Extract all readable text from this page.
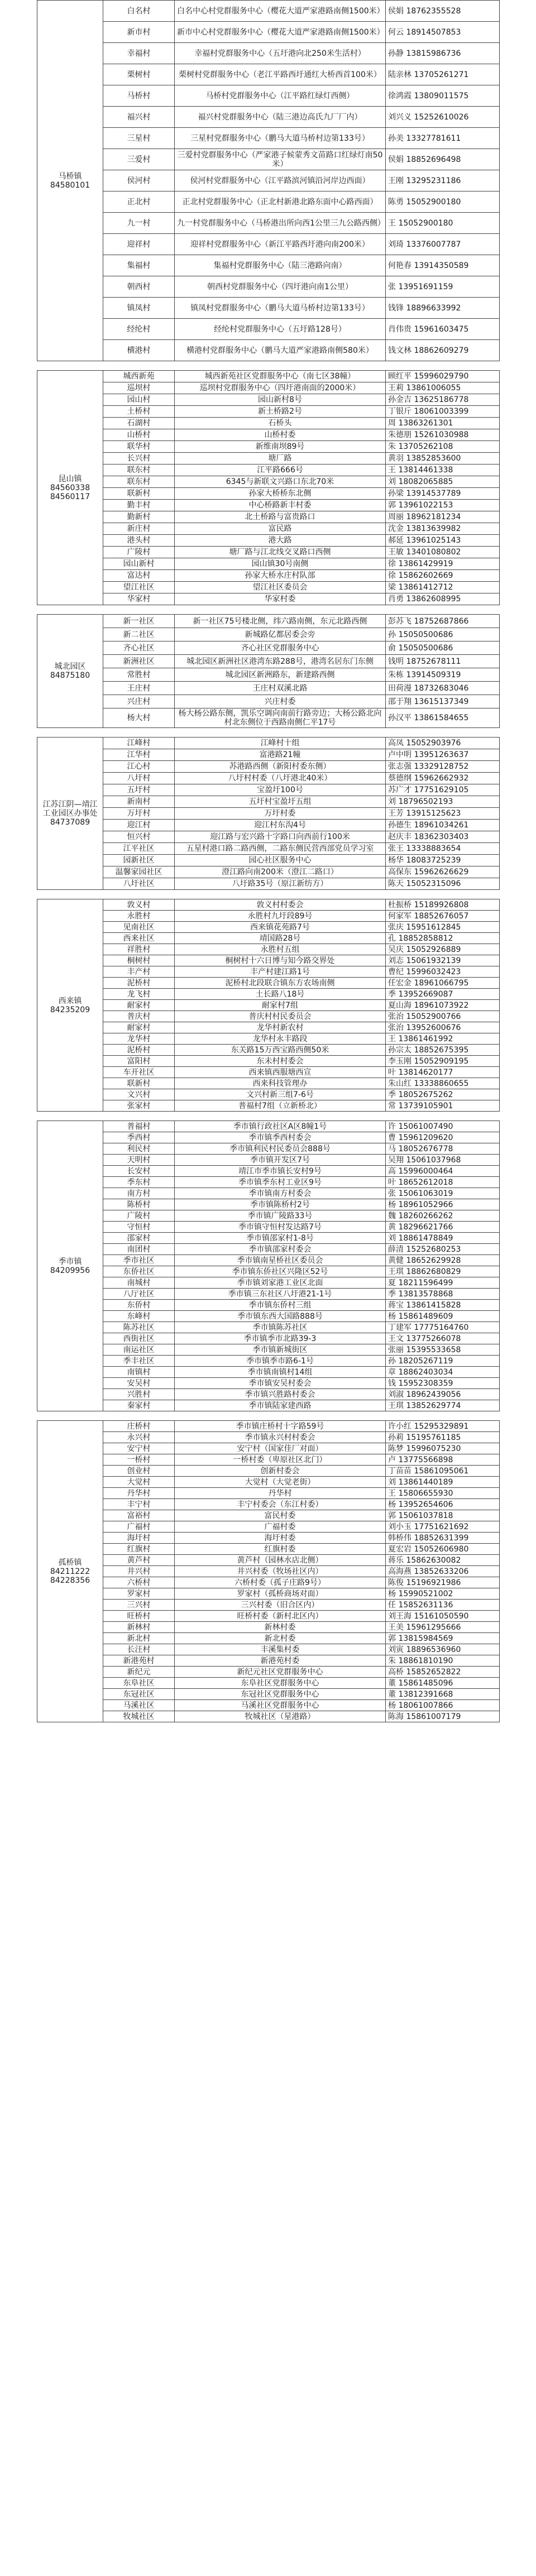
马桥镇
84580101	白名村	白名中心村党群服务中心（樱花大道严家港路南侧1500米）	侯娟 18762355528
	新市村	新市中心村党群服务中心（樱花大道严家港路南侧1500米）	何云 18914507853
	幸福村	幸福村党群服务中心（五圩港向北250米生活村）	孙静 13815986736
	栗树村	栗树村党群服务中心（老江平路西圩通红大桥西首100米）	陆亲林 13705261271
	马桥村	马桥村党群服务中心（江平路红绿灯西侧）	徐鸿霞 13809011575
	福兴村	福兴村党群服务中心（陆三港边高氏九厂厂内）	刘兴义 15252610026
	三星村	三星村党群服务中心（鹏马大道马桥村边第133号）	孙美 13327781611
	三爱村	三爱村党群服务中心（严家港子候蒙秀文苗路口红绿灯南50米）	侯娟 18852696498
	侯河村	侯河村党群服务中心（江平路滨河镇沿河岸边西面）	王刚 13295231186
	正北村	正北村党群服务中心（正北村新港北路东面中心路西面）	陈勇 15052900180
	九一村	九一村党群服务中心（马桥港出所向西1公里三九公路西侧）	王 15052900180
	迎祥村	迎祥村党群服务中心（新江平路西圩港向南200米）	刘琦 13376007787
	集福村	集福村党群服务中心（陆三港路向南）	何艳春 13914350589
	朝西村	朝西村党群服务中心（四圩港向南1公里）	张 13951691159
	镇凤村	镇凤村党群服务中心（鹏马大道马桥村边第133号）	钱锋 18896633992
	经纶村	经纶村党群服务中心（五圩路128号）	肖伟贵 15961603475
	横港村	横港村党群服务中心（鹏马大道严家港路南侧580米）	钱文林 18862609279
昆山镇
84560338 84560117	城西新苑	城西新苑社区党群服务中心（南七区38幢）	顾红平 15996029790
	巡坝村	巡坝村党群服务中心（四圩港南面的2000米）	王莉 13861006055
	园山村	园山新村8号	孙金吉 13625186778
	土桥村	新土桥路2号	丁银斤 18061003399
	石湖村	石桥头	周 13863261301
	山桥村	山桥村委	朱德朋 15261030988
	联华村	新维南坝89号	朱 13705262108
	长兴村	塘厂路	黄羽 13852853600
	联东村	江平路666号	王 13814461338
	联东村	6345与新联文兴路口东北70米	刘 18082065885
	联新村	孙家大桥桥东北侧	孙梁 13914537789
	勤丰村	中心桥路新丰村委	郭 13961022153
	勤新村	北土桥路与富贵路口	周丽 18962181234
	新庄村	富民路	沈金 13813639982
	港头村	港大路	郝延 13961025143
	广陵村	塘厂路与江北线交叉路口西侧	王敏 13401080802
	园山新村	园山镇30号南侧	徐 13861429919
	富达村	孙家大桥水庄村队部	徐 15862602669
	望江社区	望江社区委员会	梁 13861412712
	华家村	华家村委	肖勇 13862608995
城北园区
84875180	新一社区	新一社区75号楼北侧，纬六路南侧，东元北路西侧	彭苏飞 18752687866
	新二社区	新城路亿都居委会旁	孙 15050500686
	齐心社区	齐心社区党群服务中心	俞 15050500686
	新洲社区	城北园区新洲社区港湾东路288号，港湾名居东门东侧	钱明 18752678111
	常胜村	城北园区新洲路东，新建路西侧	朱栋 13914509319
	王庄村	王庄村双溪北路	田荷漫 18732683046
	兴庄村	兴庄村委	邵于翔 13615137349
	杨大村	杨大杨公路东侧，凯乐空调向南前行路旁边；大杨公路北向村北东侧位于西路南侧仁平17号	孙汉平 13861584655
江苏江阴—靖江工业园区办事处
84737089	江峰村	江峰村十组	高凤 15052903976
	江华村	富港路21幢	卢中明 13951263637
	江心村	苏港路西侧（新阳村委东侧）	张志强 13329128752
	八圩村	八圩村村委（八圩港北40米）	蔡德纲 15962662932
	五圩村	宝盈圩100号	苏广才 17751629105
	新南村	五圩村宝盈圩五组	刘 18796502193
	万圩村	万圩村委	王芳 13915125623
	迎江村	迎江村东沟4号	孙德生 18961034261
	恒兴村	迎江路与宏兴路十字路口向西前行100米	赵庆丰 18362303403
	江平社区	五星村港口路二路西侧，二路东侧民营西部党员学习室	张王 13338883654
	园新社区	园心社区服务中心	杨华 18083725239
	温馨家园社区	澄江路向南200米（澄江二路口）	高保东 15962626629
	八圩社区	八圩路35号（原江新纺方）	陈天 15052315096
西来镇
84235209	敦义村	敦义村村委会	杜振桥 15189926808
	永胜村	永胜村九圩段89号	何家军 18852676057
	见南社区	西来镇花苑路7号	张庆 15951612845
	西来社区	靖国路28号	孔 18852858812
	祥胜村	永胜村五组	吴庆 15052926889
	桐树村	桐树村十六日博与知今路交界处	刘志 15061932139
	丰产村	丰产村建江路1号	曹纪 15996032423
	泥桥村	泥桥村北段联合镇东方农场南侧	任宏金 18961066795
	龙飞村	土长路八18号	季 13952669087
	耐家村	耐家村7组	夏山海 18961073922
	普庆村	普庆村村民委员会	张治 15052900766
	耐家村	龙华村新农村	张治 13952600676
	龙华村	龙华村永丰路段	王 13861461992
	泥桥村	东关路15万西宝路西侧50米	孙宗太 18852675395
	富阳村	东未村村委会	李玉刚 15052909195
	车开社区	西来镇西服塘西宣	叶 13814620177
	联新村	西来科技管理办	朱山红 13338860655
	文兴村	文兴村新三组7-6号	季 18052675262
	张家村	普福村7组（立新桥北）	常 13739105901
季市镇
84209956	普福村	季市镇行政社区A区8幢1号	许 15061007490
	季西村	季市镇季西村委会	曹 15961209620
	利民村	季市镇利民村民委员会888号	马 18052676778
	天明村	季市镇开发区7号	吴翔 15061037968
	长安村	靖江市季市镇长安村9号	高 15996000464
	季东村	季市镇季东村工业区9号	叶 18652612018
	南方村	季市镇南方村委会	张 15061063019
	陈桥村	季市镇陈桥村2号	杨 18961052966
	广陵村	季市镇广陵路33号	魏 18260266262
	守恒村	季市镇守恒村发达路7号	黄 18296621766
	邵家村	季市镇邵家村1-8号	刘 18861478849
	南团村	季市镇邵家村委会	薛清 15252680253
	季市社区	季市镇南星桥社区委员会	黄健 18652629928
	东侨社区	季市镇东侨社区兴隆区52号	王琪 18862680829
	南城村	季市镇刘家港工业区北面	夏 18211596499
	八厅社区	季市镇三东社区八圩港21-1号	季 13813578868
	东侨村	季市镇东侨村三组	蒋宝 13861415828
	东峰村	季市镇东西大国路888号	杨 15861489609
	陈苏社区	季市镇陈苏社区	丁建军 17775164760
	西街社区	季市镇季市北路39-3	王文 13775266078
	南运社区	季市镇新城街区	张丽 15395533658
	季丰社区	季市镇季市路6-1号	孙 18205267119
	南镇村	季市镇南镇村14组	章 18862403034
	安吴村	季市镇安吴村委会	钱 15952308359
	兴胜村	季市镇兴胜路村委会	刘淑 18962439056
	秦家村	季市镇陆家建西路	王琪 13852629774
孤桥镇
84211222 84228356	庄桥村	季市镇庄桥村十字路59号	许小红 15295329891
	永兴村	季市镇永兴村村委会	孙莉 15195761185
	安宁村	安宁村（国家佳厂对面）	陈梦 15996075230
	一桥村	一桥村委（卑原社区北门）	卢 13775566898
	创业村	创新村委会	丁苗苗 15861095061
	大觉村	大觉村（大觉老街）	刘 13861440189
	丹华村	丹华村	王 15806655930
	丰宁村	丰宁村委会（东江村委）	杨 13952654606
	富裕村	富民村委	郭 15061037818
	广福村	广福村委	刘小玉 17751621692
	海圩村	海圩村委	韩桥伟 18852631399
	红旗村	红旗村委	夏宏岩 15052606980
	黄芦村	黄芦村（园林水店北侧）	蒋乐 15862630082
	井兴村	井兴村委（牧场社区内）	高海燕 13852633206
	六桥村	六桥村委（孤子庄路9号）	陈俊 15196921986
	罗家村	罗家村（孤桥商场对面）	杨 15990521002
	三兴村	三兴村委（旧合区内）	任 15852631136
	旺桥村	旺桥村委（新村北区内）	刘王海 15161050590
	新林村	新林村委	王美 15961295666
	新北村	新北村委	郭 13815984569
	长汪村	丰溪集村委	刘寅 18896536960
	新港苑村	新港苑村委	朱 18861810190
	新纪元	新纪元社区党群服务中心	高桥 15852652822
	东阜社区	东阜社区党群服务中心	董 15861485096
	东冠社区	东冠社区党群服务中心	董 13812391668
	马溪社区	马溪社区党群服务中心	杨 18061007866
	牧城社区	牧城社区（星港路）	陈海 15861007179
